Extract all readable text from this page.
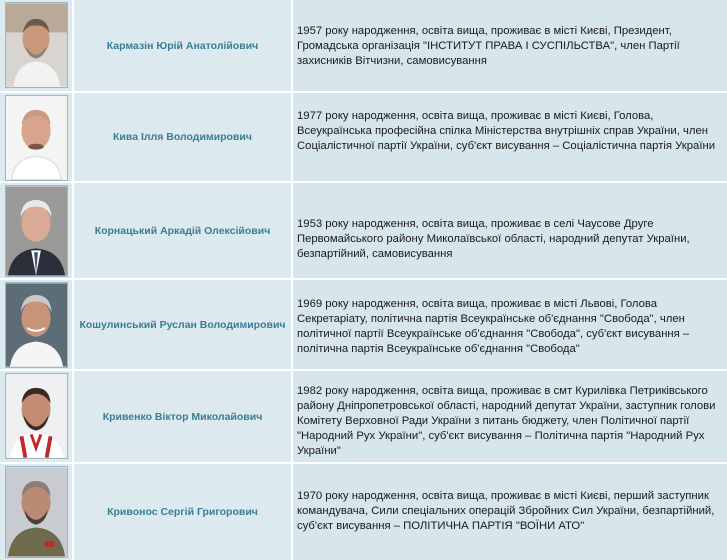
Кармазін Юрій Анатолійович
1957 року народження, освіта вища, проживає в місті Києві, Президент, Громадська організація "ІНСТИТУТ ПРАВА І СУСПІЛЬСТВА", член Партії захисників Вітчизни, самовисування
Кива Ілля Володимирович
1977 року народження, освіта вища, проживає в місті Києві, Голова, Всеукраїнська професійна спілка Міністерства внутрішніх справ України, член Соціалістичної партії України, суб'єкт висування – Соціалістична партія України
Корнацький Аркадій Олексійович
1953 року народження, освіта вища, проживає в селі Чаусове Друге Первомайського району Миколаївської області, народний депутат України, безпартійний, самовисування
Кошулинський Руслан Володимирович
1969 року народження, освіта вища, проживає в місті Львові, Голова Секретаріату, політична партія Всеукраїнське об'єднання "Свобода", член політичної партії Всеукраїнське об'єднання "Свобода", суб'єкт висування – політична партія Всеукраїнське об'єднання "Свобода"
Кривенко Віктор Миколайович
1982 року народження, освіта вища, проживає в смт Курилівка Петриківського району Дніпропетровської області, народний депутат України, заступник голови Комітету Верховної Ради України з питань бюджету, член Політичної партії "Народний Рух України", суб'єкт висування – Політична партія "Народний Рух України"
Кривонос Сергій Григорович
1970 року народження, освіта вища, проживає в місті Києві, перший заступник командувача, Сили спеціальних операцій Збройних Сил України, безпартійний, суб'єкт висування – ПОЛІТИЧНА ПАРТІЯ "ВОЇНИ АТО"
